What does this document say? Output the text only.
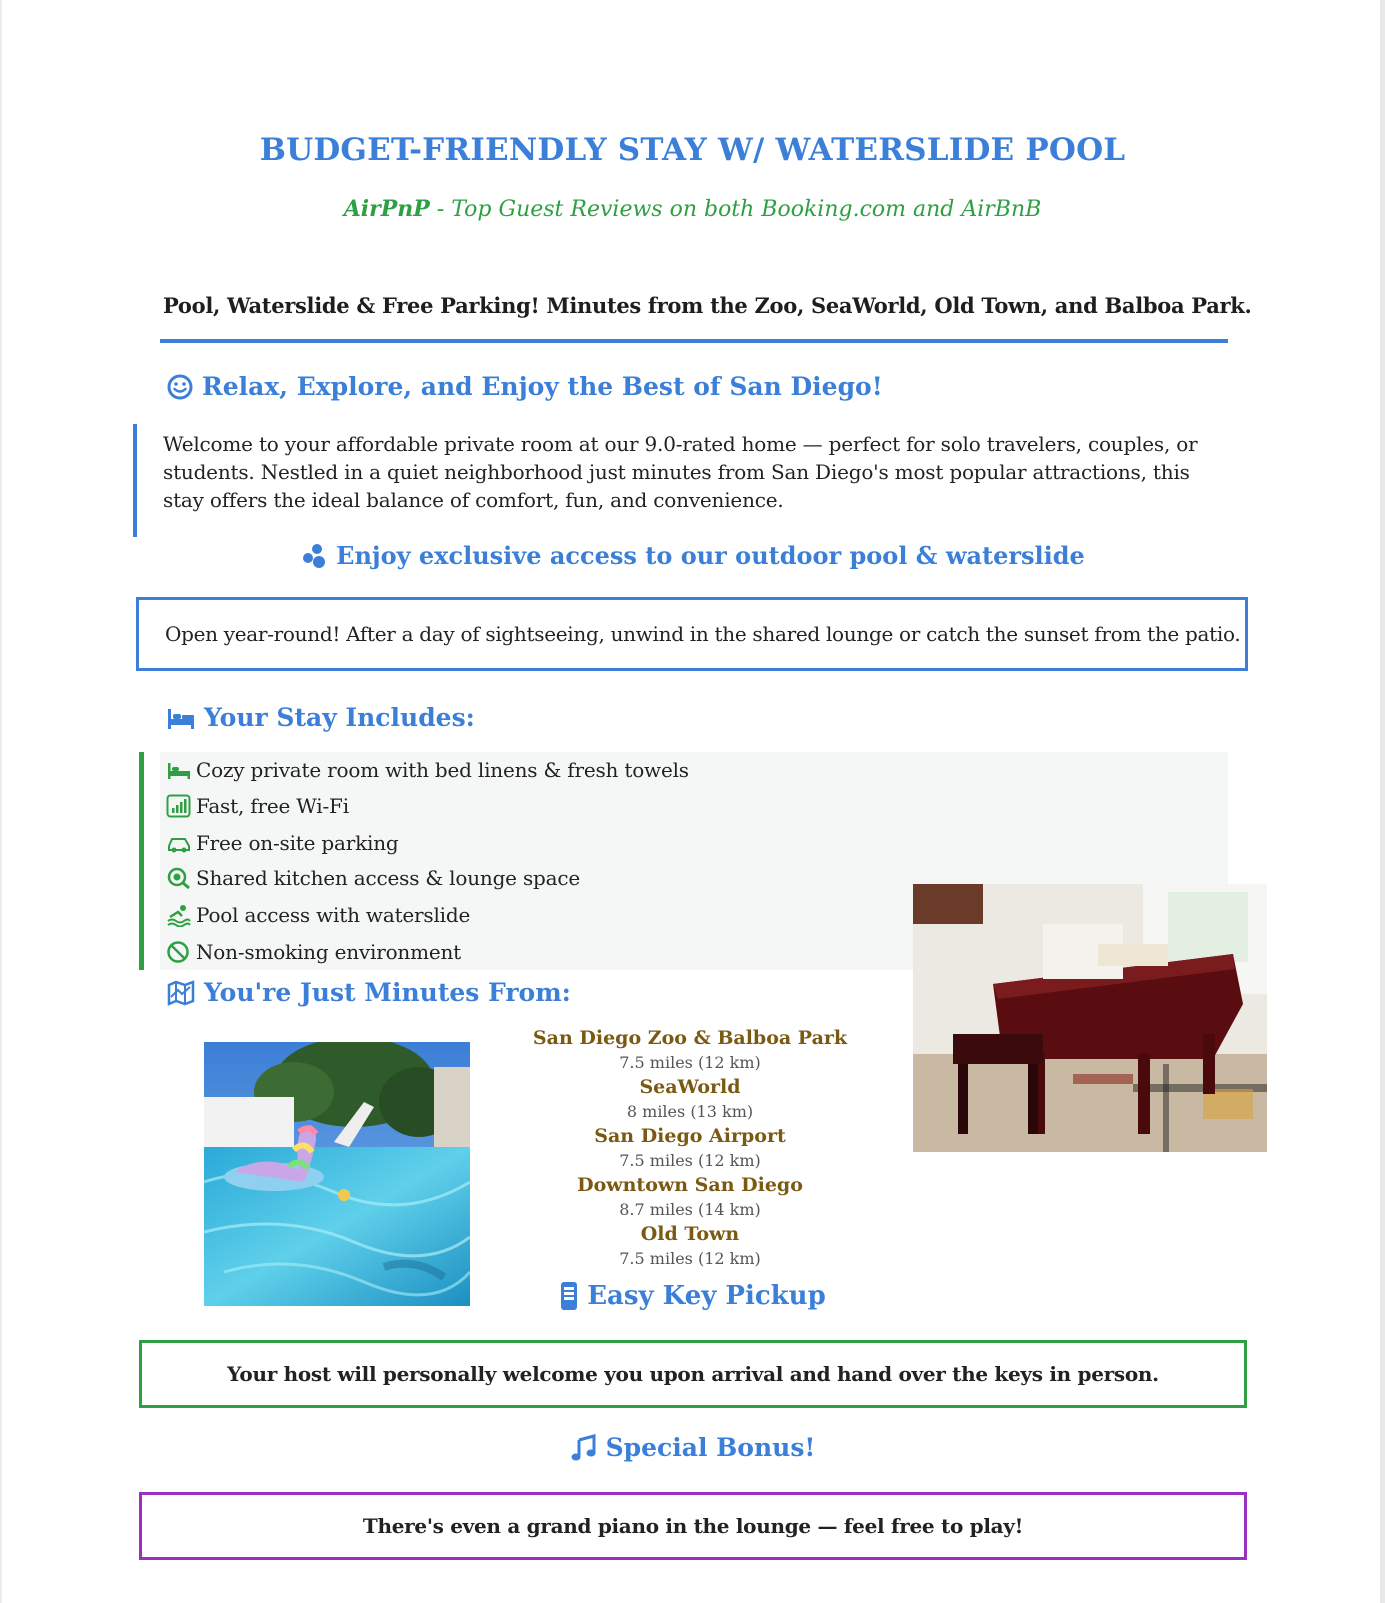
BUDGET-FRIENDLY STAY W/ WATERSLIDE POOL
AirPnP - Top Guest Reviews on both Booking.com and AirBnB
Pool, Waterslide & Free Parking! Minutes from the Zoo, SeaWorld, Old Town, and Balboa Park.
Relax, Explore, and Enjoy the Best of San Diego!
Welcome to your affordable private room at our 9.0-rated home — perfect for solo travelers, couples, or students. Nestled in a quiet neighborhood just minutes from San Diego's most popular attractions, this stay offers the ideal balance of comfort, fun, and convenience.
Enjoy exclusive access to our outdoor pool & waterslide
Open year-round! After a day of sightseeing, unwind in the shared lounge or catch the sunset from the patio.
Your Stay Includes:
Cozy private room with bed linens & fresh towels
Fast, free Wi-Fi
Free on-site parking
Shared kitchen access & lounge space
Pool access with waterslide
Non-smoking environment
You're Just Minutes From:
San Diego Zoo & Balboa Park
7.5 miles (12 km)
SeaWorld
8 miles (13 km)
San Diego Airport
7.5 miles (12 km)
Downtown San Diego
8.7 miles (14 km)
Old Town
7.5 miles (12 km)
Easy Key Pickup
Your host will personally welcome you upon arrival and hand over the keys in person.
Special Bonus!
There's even a grand piano in the lounge — feel free to play!
